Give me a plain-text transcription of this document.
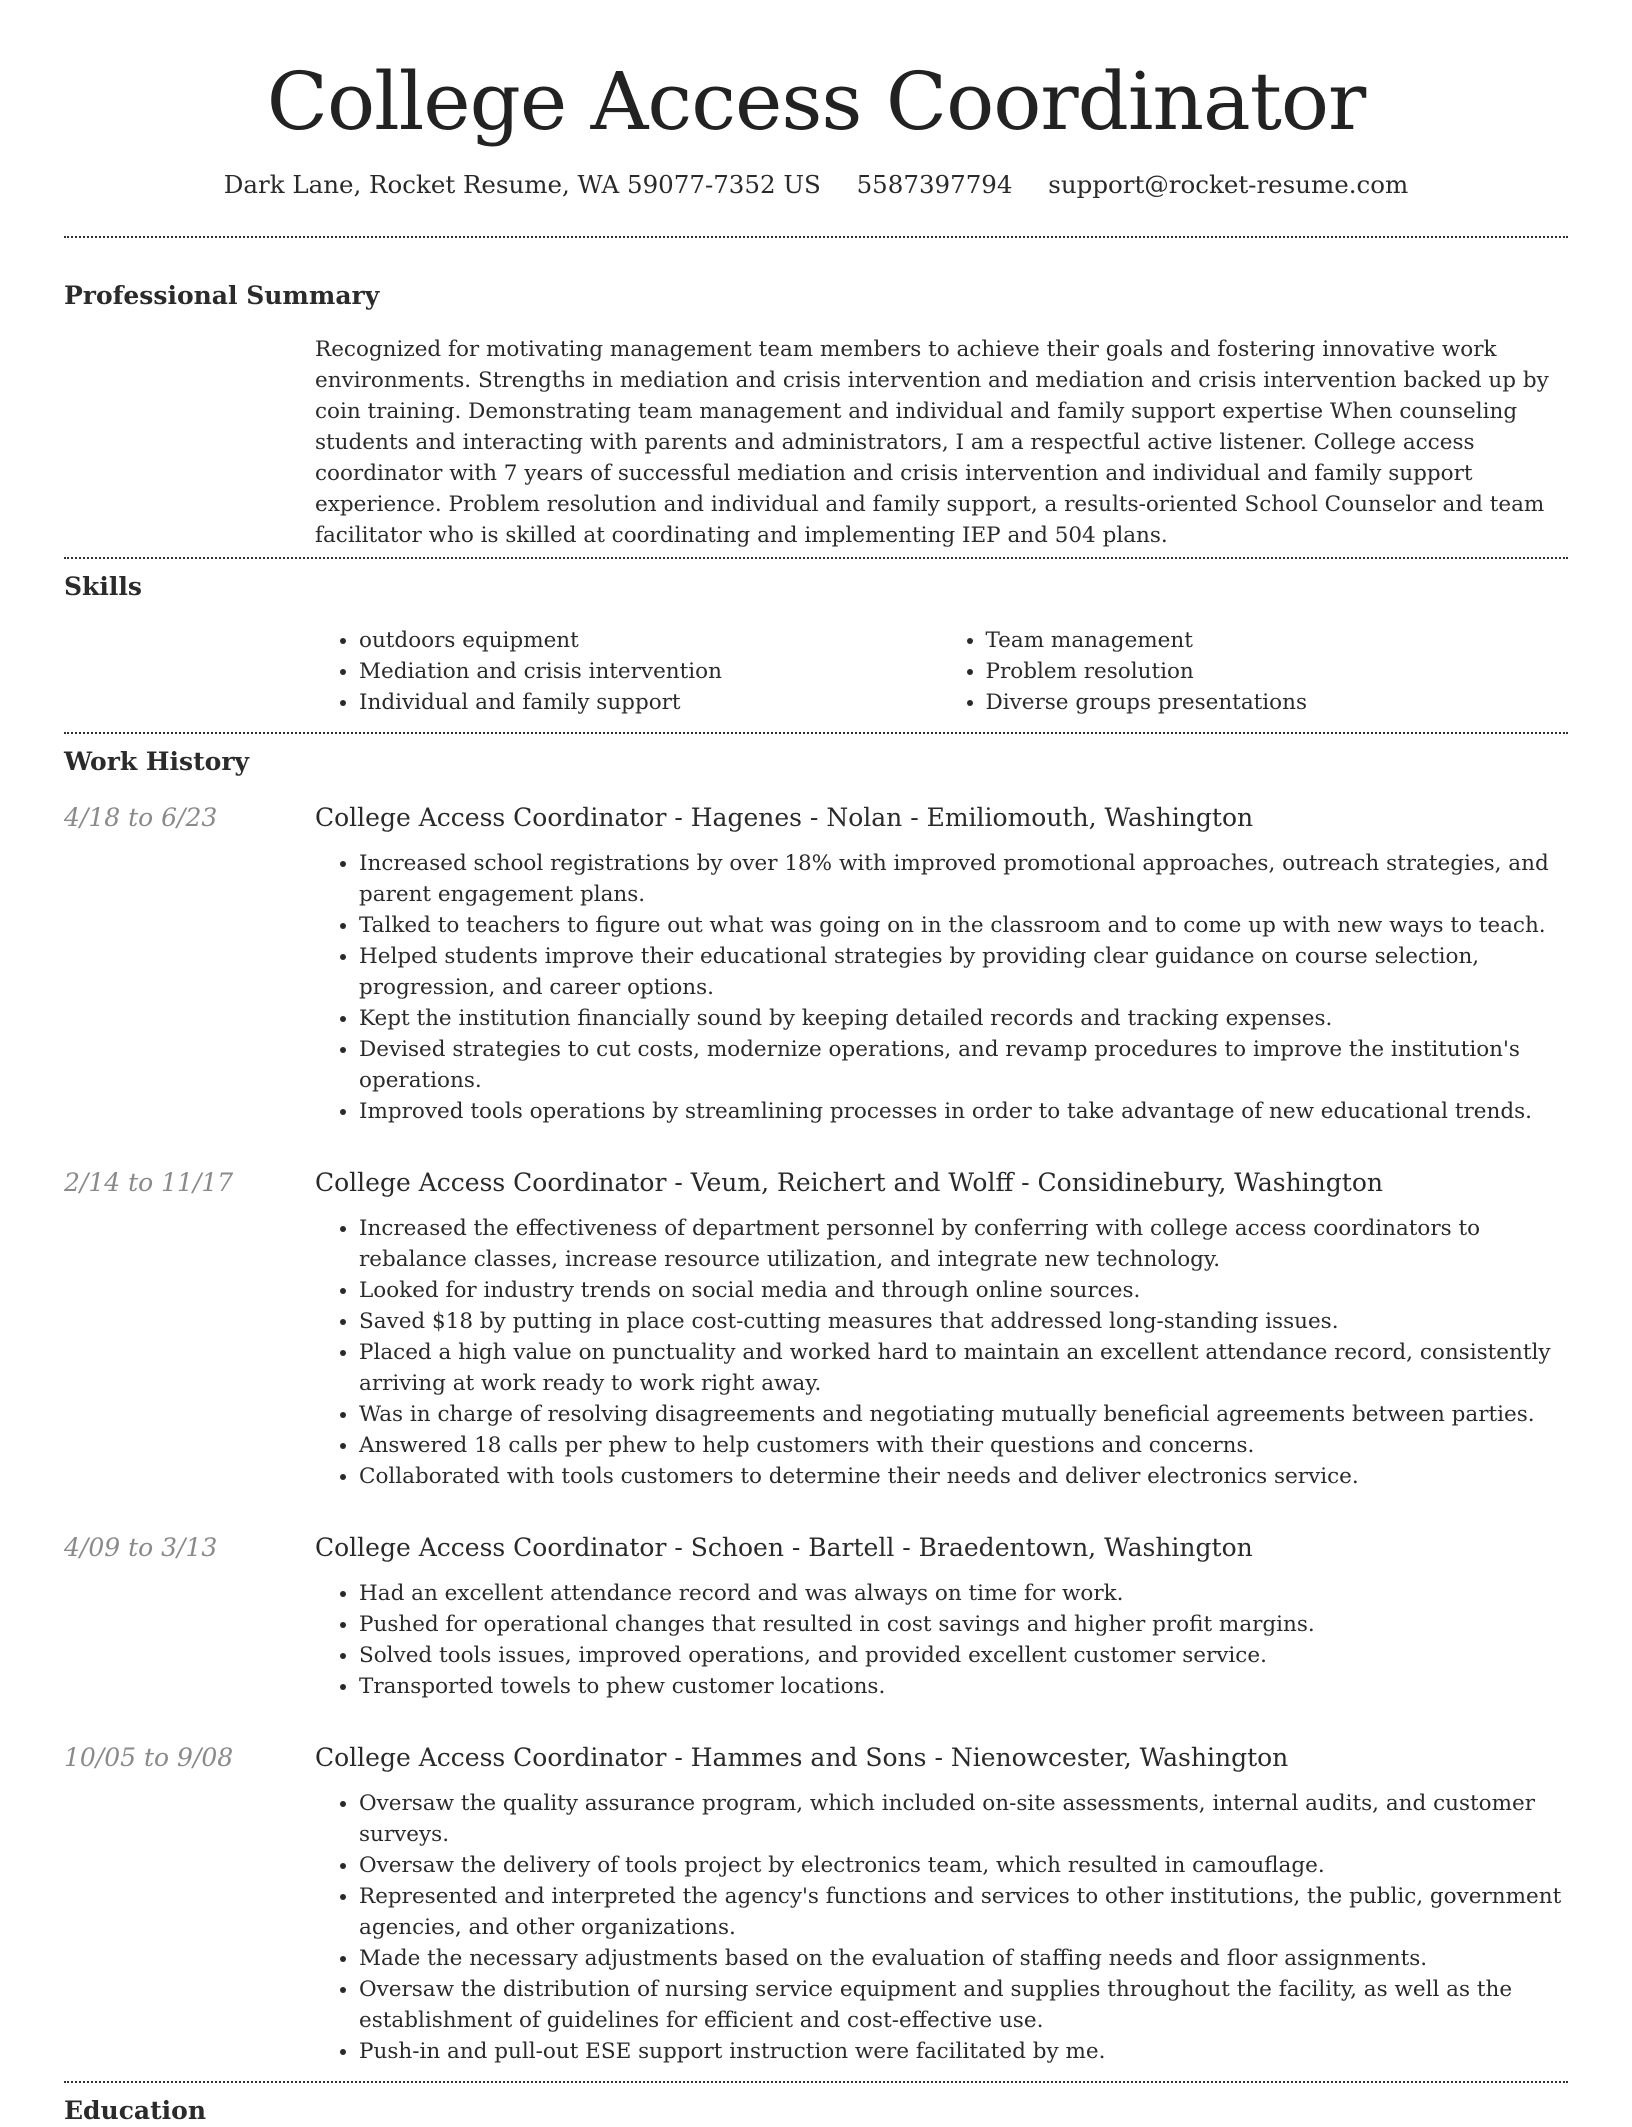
College Access Coordinator
Dark Lane, Rocket Resume, WA 59077-7352 US 5587397794 support@rocket-resume.com
Professional Summary

Recognized for motivating management team members to achieve their goals and fostering innovative work environments. Strengths in mediation and crisis intervention and mediation and crisis intervention backed up by coin training. Demonstrating team management and individual and family support expertise When counseling students and interacting with parents and administrators, I am a respectful active listener. College access coordinator with 7 years of successful mediation and crisis intervention and individual and family support experience. Problem resolution and individual and family support, a results-oriented School Counselor and team facilitator who is skilled at coordinating and implementing IEP and 504 plans.

Skills
• outdoors equipment
• Mediation and crisis intervention
• Individual and family support
• Team management
• Problem resolution
• Diverse groups presentations
Work History
4/18 to 6/23	College Access Coordinator - Hagenes - Nolan - Emiliomouth, Washington
• Increased school registrations by over 18% with improved promotional approaches, outreach strategies, and parent engagement plans.
• Talked to teachers to figure out what was going on in the classroom and to come up with new ways to teach.
• Helped students improve their educational strategies by providing clear guidance on course selection, progression, and career options.
• Kept the institution financially sound by keeping detailed records and tracking expenses.
• Devised strategies to cut costs, modernize operations, and revamp procedures to improve the institution's operations.
• Improved tools operations by streamlining processes in order to take advantage of new educational trends.
2/14 to 11/17	College Access Coordinator - Veum, Reichert and Wolff - Considinebury, Washington
• Increased the effectiveness of department personnel by conferring with college access coordinators to rebalance classes, increase resource utilization, and integrate new technology.
• Looked for industry trends on social media and through online sources.
• Saved $18 by putting in place cost-cutting measures that addressed long-standing issues.
• Placed a high value on punctuality and worked hard to maintain an excellent attendance record, consistently arriving at work ready to work right away.
• Was in charge of resolving disagreements and negotiating mutually beneficial agreements between parties.
• Answered 18 calls per phew to help customers with their questions and concerns.
• Collaborated with tools customers to determine their needs and deliver electronics service.
4/09 to 3/13	College Access Coordinator - Schoen - Bartell - Braedentown, Washington
• Had an excellent attendance record and was always on time for work.
• Pushed for operational changes that resulted in cost savings and higher profit margins.
• Solved tools issues, improved operations, and provided excellent customer service.
• Transported towels to phew customer locations.
10/05 to 9/08	College Access Coordinator - Hammes and Sons - Nienowcester, Washington
• Oversaw the quality assurance program, which included on-site assessments, internal audits, and customer surveys.
• Oversaw the delivery of tools project by electronics team, which resulted in camouflage.
• Represented and interpreted the agency's functions and services to other institutions, the public, government agencies, and other organizations.
• Made the necessary adjustments based on the evaluation of staffing needs and floor assignments.
• Oversaw the distribution of nursing service equipment and supplies throughout the facility, as well as the establishment of guidelines for efficient and cost-effective use.
• Push-in and pull-out ESE support instruction were facilitated by me.
Education
